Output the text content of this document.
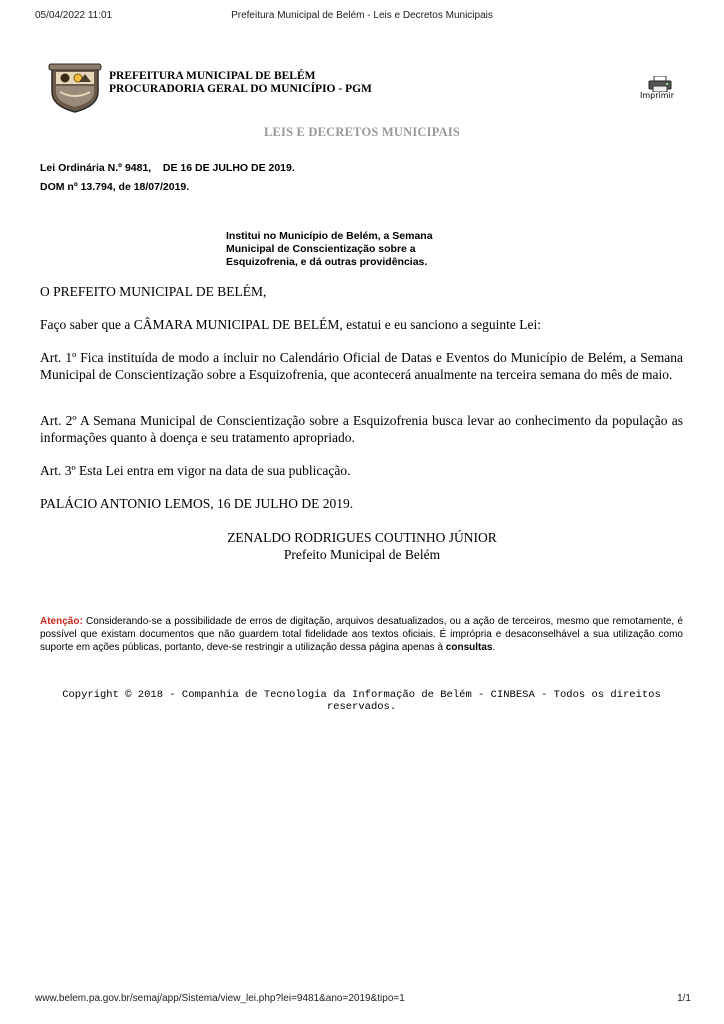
05/04/2022 11:01	Prefeitura Municipal de Belém - Leis e Decretos Municipais
PREFEITURA MUNICIPAL DE BELÉM
PROCURADORIA GERAL DO MUNICÍPIO - PGM
Imprimir
LEIS E DECRETOS MUNICIPAIS
Lei Ordinária N.º 9481,    DE 16 DE JULHO DE 2019.
DOM nº 13.794, de 18/07/2019.
Institui no Município de Belém, a Semana
Municipal de Conscientização sobre a
Esquizofrenia, e dá outras providências.
O PREFEITO MUNICIPAL DE BELÉM,
Faço saber que a CÂMARA MUNICIPAL DE BELÉM, estatui e eu sanciono a seguinte Lei:
Art. 1º Fica instituída de modo a incluir no Calendário Oficial de Datas e Eventos do Município de Belém, a Semana Municipal de Conscientização sobre a Esquizofrenia, que acontecerá anualmente na terceira semana do mês de maio.
Art. 2º A Semana Municipal de Conscientização sobre a Esquizofrenia busca levar ao conhecimento da população as informações quanto à doença e seu tratamento apropriado.
Art. 3º Esta Lei entra em vigor na data de sua publicação.
PALÁCIO ANTONIO LEMOS, 16 DE JULHO DE 2019.
ZENALDO RODRIGUES COUTINHO JÚNIOR
Prefeito Municipal de Belém
Atenção: Considerando-se a possibilidade de erros de digitação, arquivos desatualizados, ou a ação de terceiros, mesmo que remotamente, é possível que existam documentos que não guardem total fidelidade aos textos oficiais. É imprópria e desaconselhável a sua utilização como suporte em ações públicas, portanto, deve-se restringir a utilização dessa página apenas à consultas.
Copyright © 2018 - Companhia de Tecnologia da Informação de Belém - CINBESA - Todos os direitos reservados.
www.belem.pa.gov.br/semaj/app/Sistema/view_lei.php?lei=9481&ano=2019&tipo=1	1/1
